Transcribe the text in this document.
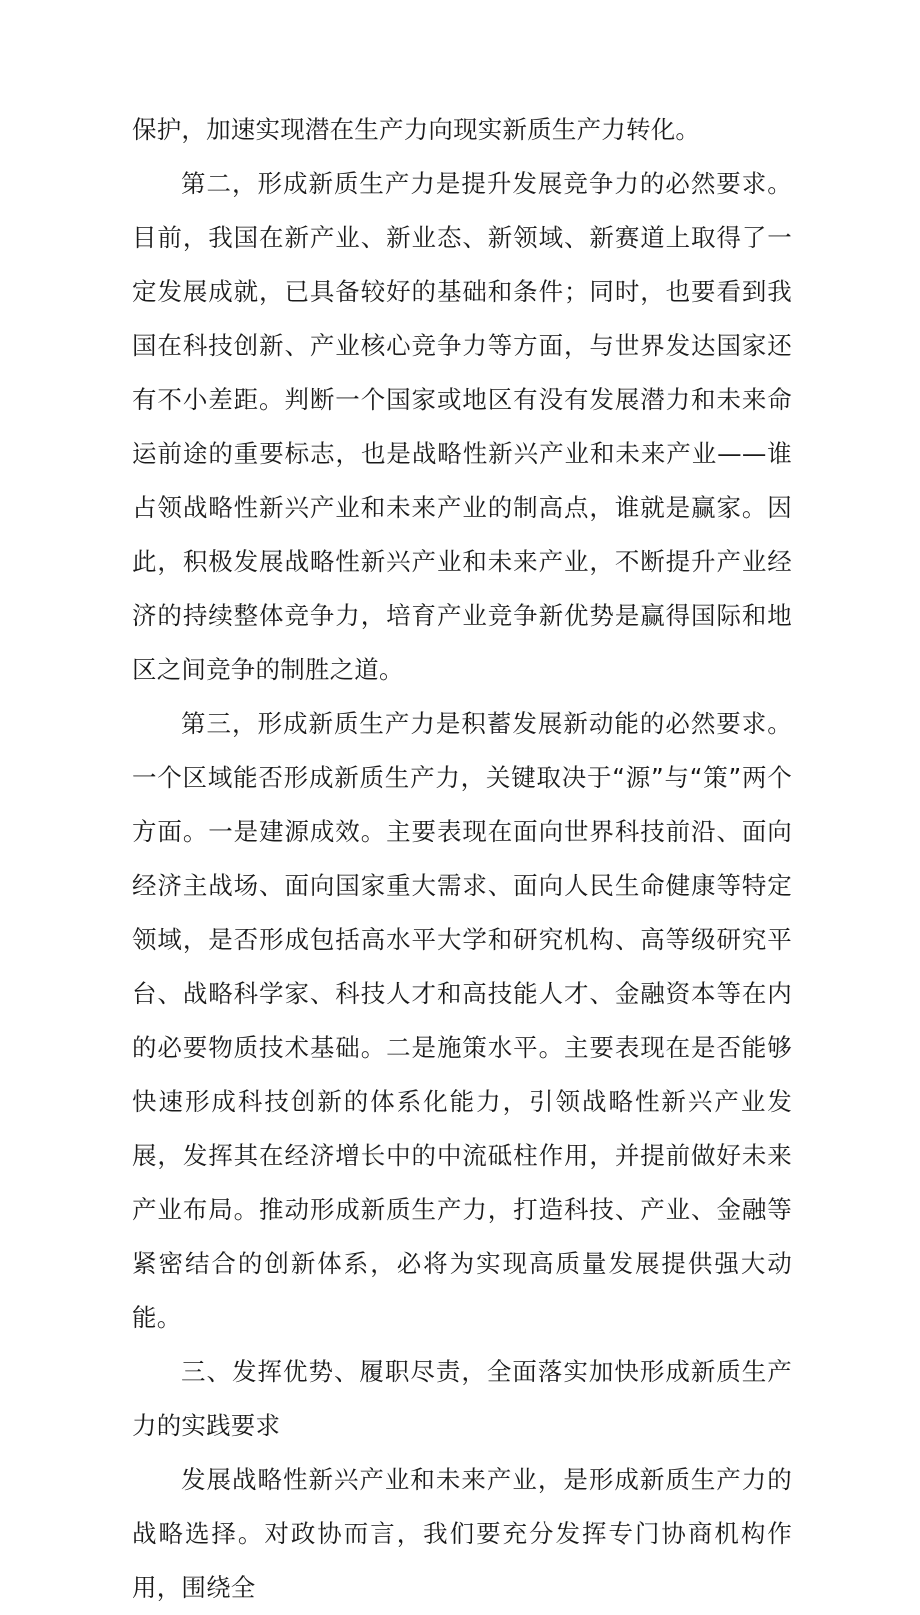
保护，加速实现潜在生产力向现实新质生产力转化。

第二，形成新质生产力是提升发展竞争力的必然要求。目前，我国在新产业、新业态、新领域、新赛道上取得了一定发展成就，已具备较好的基础和条件；同时，也要看到我国在科技创新、产业核心竞争力等方面，与世界发达国家还有不小差距。判断一个国家或地区有没有发展潜力和未来命运前途的重要标志，也是战略性新兴产业和未来产业——谁占领战略性新兴产业和未来产业的制高点，谁就是赢家。因此，积极发展战略性新兴产业和未来产业，不断提升产业经济的持续整体竞争力，培育产业竞争新优势是赢得国际和地区之间竞争的制胜之道。

第三，形成新质生产力是积蓄发展新动能的必然要求。一个区域能否形成新质生产力，关键取决于“源”与“策”两个方面。一是建源成效。主要表现在面向世界科技前沿、面向经济主战场、面向国家重大需求、面向人民生命健康等特定领域，是否形成包括高水平大学和研究机构、高等级研究平台、战略科学家、科技人才和高技能人才、金融资本等在内的必要物质技术基础。二是施策水平。主要表现在是否能够快速形成科技创新的体系化能力，引领战略性新兴产业发展，发挥其在经济增长中的中流砥柱作用，并提前做好未来产业布局。推动形成新质生产力，打造科技、产业、金融等紧密结合的创新体系，必将为实现高质量发展提供强大动能。

三、发挥优势、履职尽责，全面落实加快形成新质生产力的实践要求

发展战略性新兴产业和未来产业，是形成新质生产力的战略选择。对政协而言，我们要充分发挥专门协商机构作用，围绕全
